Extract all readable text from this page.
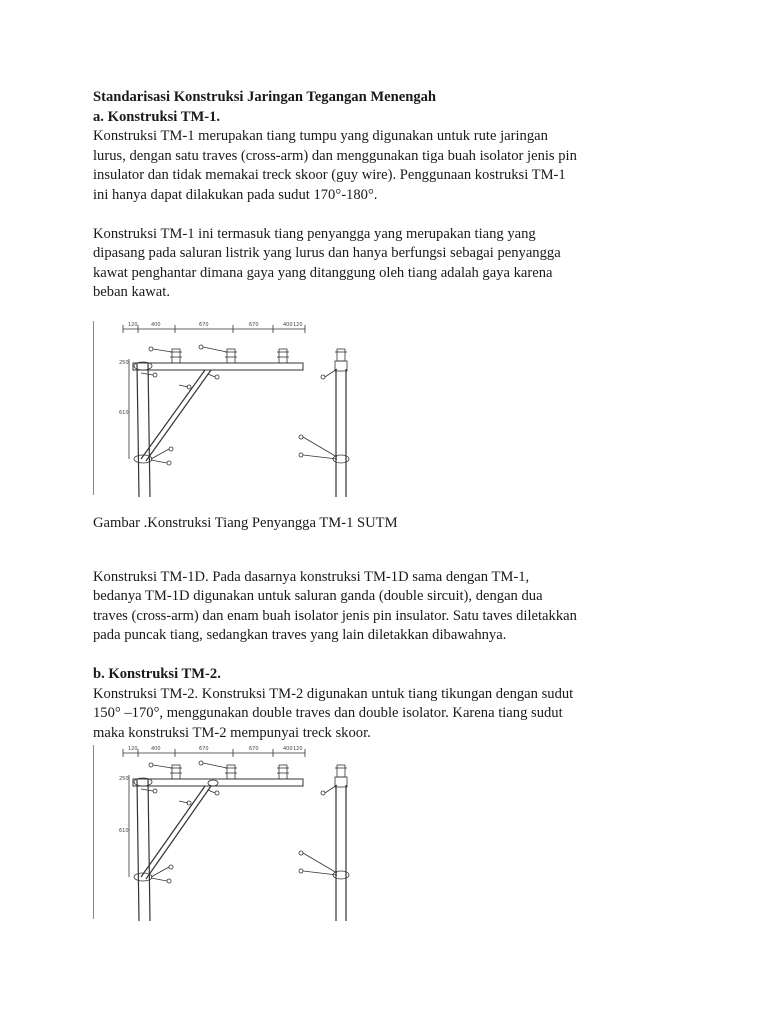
Standarisasi Konstruksi Jaringan Tegangan Menengah

a. Konstruksi TM-1.

Konstruksi TM-1 merupakan tiang tumpu yang digunakan untuk rute jaringan

lurus, dengan satu traves (cross-arm) dan menggunakan tiga buah isolator jenis pin

insulator dan tidak memakai treck skoor (guy wire). Penggunaan kostruksi TM-1

ini hanya dapat dilakukan pada sudut 170°-180°.

Konstruksi TM-1 ini termasuk tiang penyangga yang merupakan tiang yang

dipasang pada saluran listrik yang lurus dan hanya berfungsi sebagai penyangga

kawat penghantar dimana gaya yang ditanggung oleh tiang adalah gaya karena

beban kawat.

120	400	670	670	400 120
250
610

Gambar .Konstruksi Tiang Penyangga TM-1 SUTM

Konstruksi TM-1D. Pada dasarnya konstruksi TM-1D sama dengan TM-1,

bedanya TM-1D digunakan untuk saluran ganda (double sircuit), dengan dua

traves (cross-arm) dan enam buah isolator jenis pin insulator. Satu taves diletakkan

pada puncak tiang, sedangkan traves yang lain diletakkan dibawahnya.

b. Konstruksi TM-2.

Konstruksi TM-2. Konstruksi TM-2 digunakan untuk tiang tikungan dengan sudut

150° –170°, menggunakan double traves dan double isolator. Karena tiang sudut

maka konstruksi TM-2 mempunyai treck skoor.

120	400	670	670	400 120
250
610
